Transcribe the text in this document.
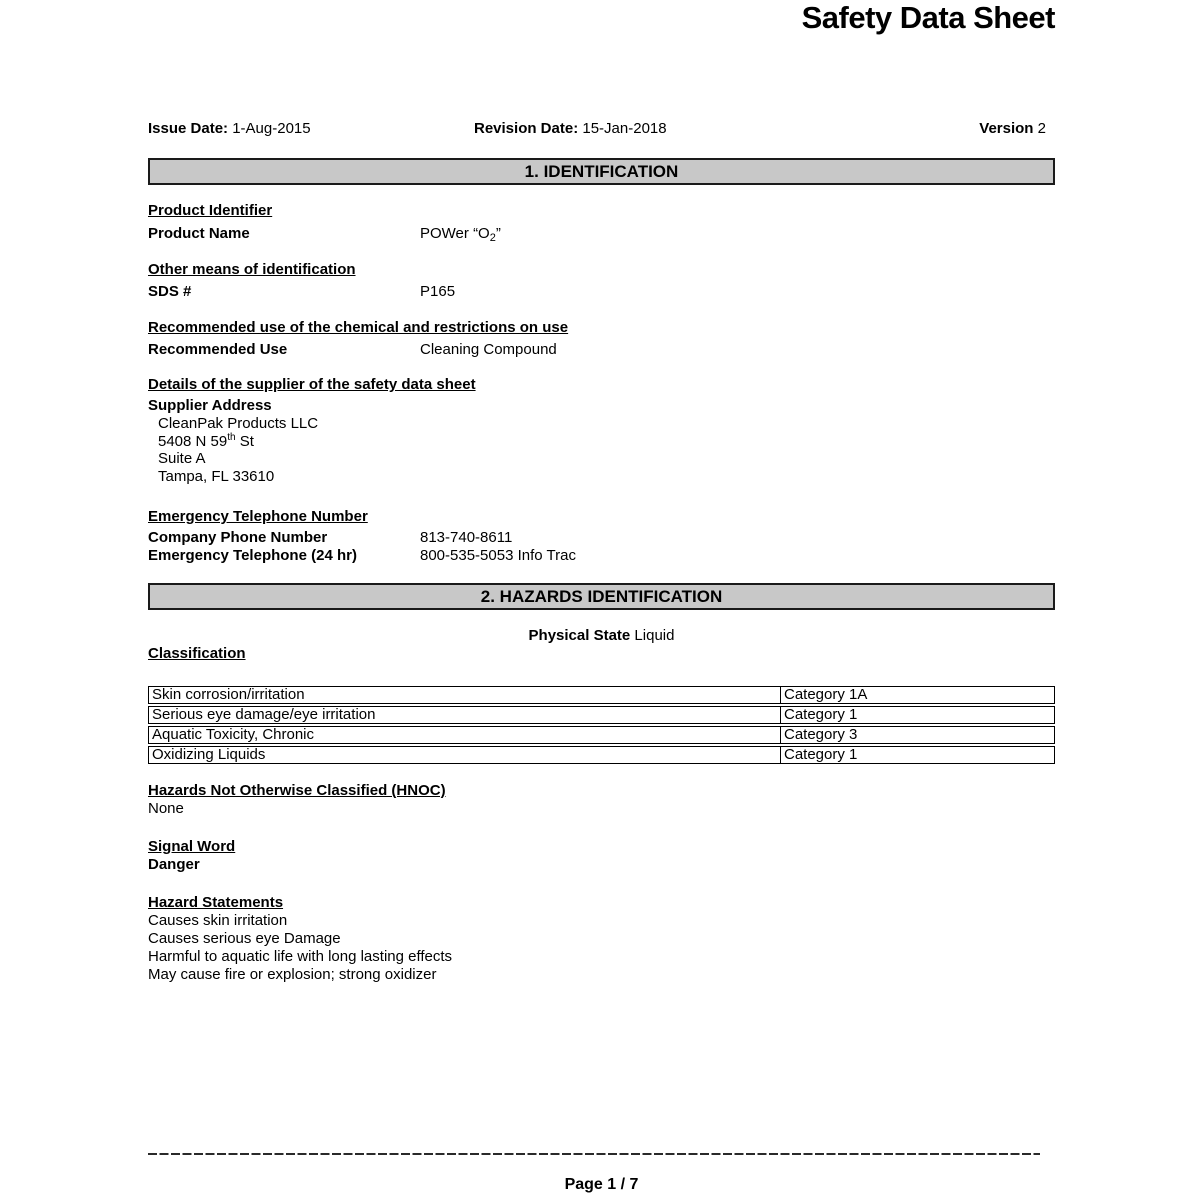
Safety Data Sheet
Issue Date: 1-Aug-2015	Revision Date: 15-Jan-2018	Version 2
1. IDENTIFICATION
Product Identifier
Product Name	POWer “$O_2$”
Other means of identification
SDS #	P165
Recommended use of the chemical and restrictions on use
Recommended Use	Cleaning Compound
Details of the supplier of the safety data sheet
Supplier Address
CleanPak Products LLC
5408 N 59th St
Suite A
Tampa, FL 33610
Emergency Telephone Number
Company Phone Number	813-740-8611
Emergency Telephone (24 hr)	800-535-5053 Info Trac
2. HAZARDS IDENTIFICATION
Physical State Liquid
Classification
Skin corrosion/irritation	Category 1A
Serious eye damage/eye irritation	Category 1
Aquatic Toxicity, Chronic	Category 3
Oxidizing Liquids	Category 1
Hazards Not Otherwise Classified (HNOC)
None
Signal Word
Danger
Hazard Statements
Causes skin irritation
Causes serious eye Damage
Harmful to aquatic life with long lasting effects
May cause fire or explosion; strong oxidizer
Page 1 / 7
